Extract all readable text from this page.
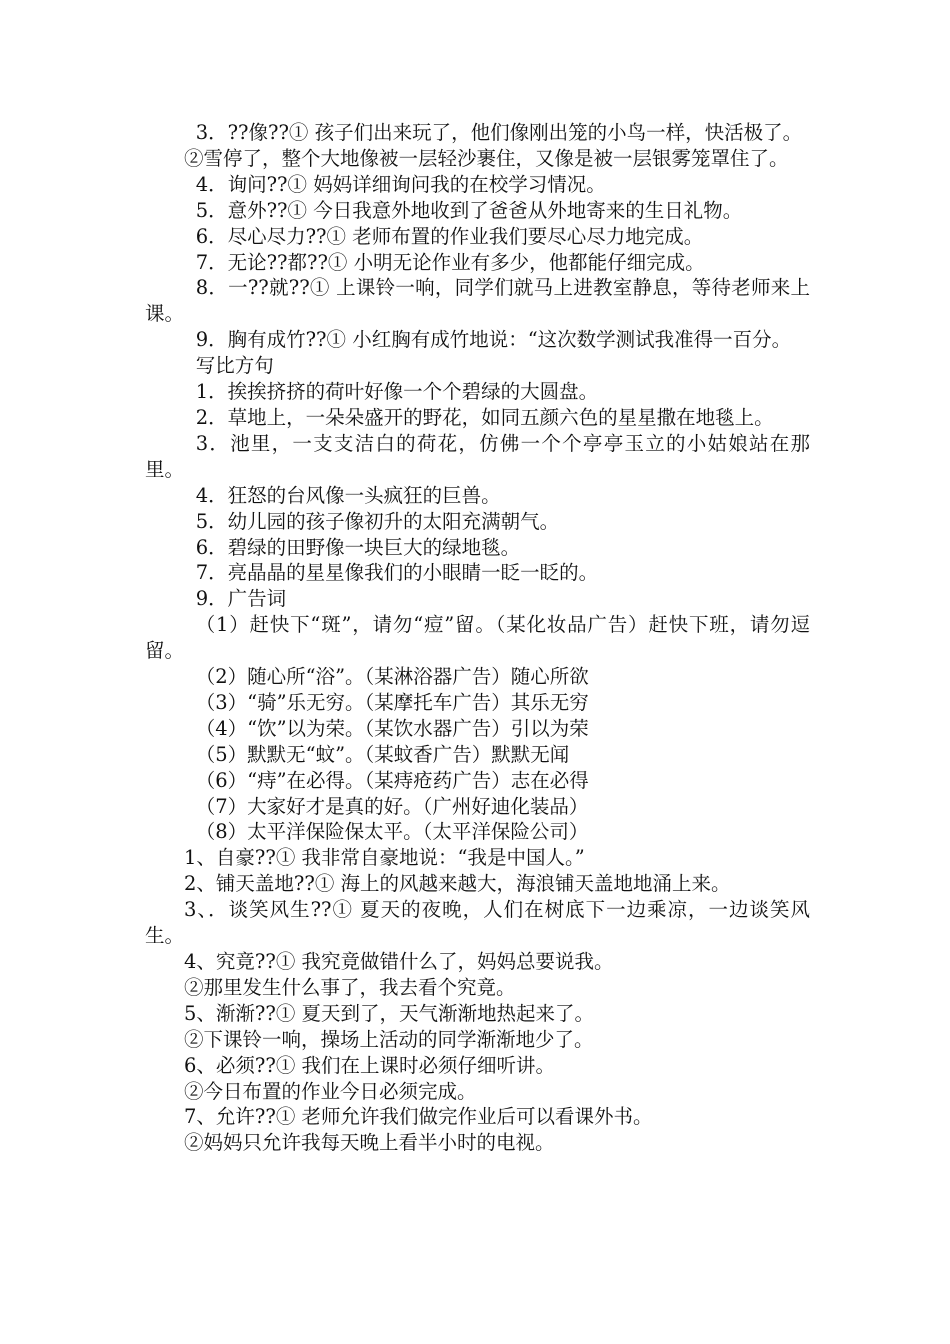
3．??像??① 孩子们出来玩了，他们像刚出笼的小鸟一样，快活极了。

②雪停了，整个大地像被一层轻沙裹住，又像是被一层银雾笼罩住了。

4．询问??① 妈妈详细询问我的在校学习情况。

5．意外??① 今日我意外地收到了爸爸从外地寄来的生日礼物。

6．尽心尽力??① 老师布置的作业我们要尽心尽力地完成。

7．无论??都??① 小明无论作业有多少，他都能仔细完成。

8．一??就??① 上课铃一响，同学们就马上进教室静息，等待老师来上课。

9．胸有成竹??① 小红胸有成竹地说：“这次数学测试我准得一百分。

写比方句

1．挨挨挤挤的荷叶好像一个个碧绿的大圆盘。

2．草地上，一朵朵盛开的野花，如同五颜六色的星星撒在地毯上。

3．池里，一支支洁白的荷花，仿佛一个个亭亭玉立的小姑娘站在那里。

4．狂怒的台风像一头疯狂的巨兽。

5．幼儿园的孩子像初升的太阳充满朝气。

6．碧绿的田野像一块巨大的绿地毯。

7．亮晶晶的星星像我们的小眼睛一眨一眨的。

9．广告词

（1）赶快下“斑”，请勿“痘”留。（某化妆品广告）赶快下班，请勿逗留。

（2）随心所“浴”。（某淋浴器广告）随心所欲

（3）“骑”乐无穷。（某摩托车广告）其乐无穷

（4）“饮”以为荣。（某饮水器广告）引以为荣

（5）默默无“蚊”。（某蚊香广告）默默无闻

（6）“痔”在必得。（某痔疮药广告）志在必得

（7）大家好才是真的好。（广州好迪化装品）

（8）太平洋保险保太平。（太平洋保险公司）

1、自豪??① 我非常自豪地说：“我是中国人。”

2、铺天盖地??① 海上的风越来越大，海浪铺天盖地地涌上来。

3、．谈笑风生??① 夏天的夜晚，人们在树底下一边乘凉，一边谈笑风生。

4、究竟??① 我究竟做错什么了，妈妈总要说我。

②那里发生什么事了，我去看个究竟。

5、渐渐??① 夏天到了，天气渐渐地热起来了。

②下课铃一响，操场上活动的同学渐渐地少了。

6、必须??① 我们在上课时必须仔细听讲。

②今日布置的作业今日必须完成。

7、允许??① 老师允许我们做完作业后可以看课外书。

②妈妈只允许我每天晚上看半小时的电视。
